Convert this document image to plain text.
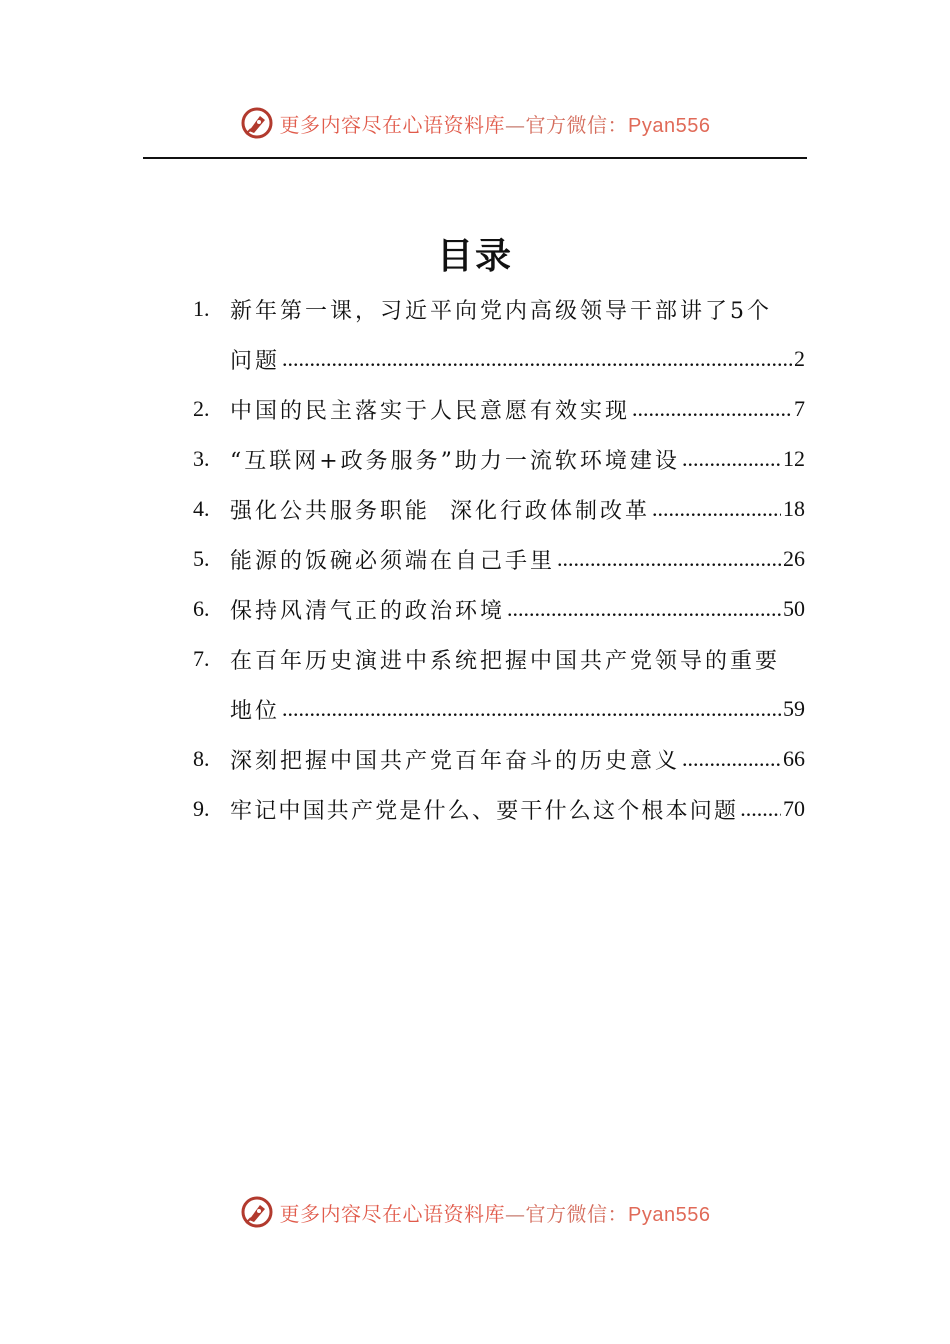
更多内容尽在心语资料库—官方微信：Pyan556
目录
1. 新年第一课，习近平向党内高级领导干部讲了5个
问题 .....	2
2. 中国的民主落实于人民意愿有效实现 .....	7
3. “互联网+政务服务”助力一流软环境建设 .....	12
4. 强化公共服务职能  深化行政体制改革 .....	18
5. 能源的饭碗必须端在自己手里 .....	26
6. 保持风清气正的政治环境 .....	50
7. 在百年历史演进中系统把握中国共产党领导的重要
地位 .....	59
8. 深刻把握中国共产党百年奋斗的历史意义 .....	66
9. 牢记中国共产党是什么、要干什么这个根本问题 ..... 70
更多内容尽在心语资料库—官方微信：Pyan556
